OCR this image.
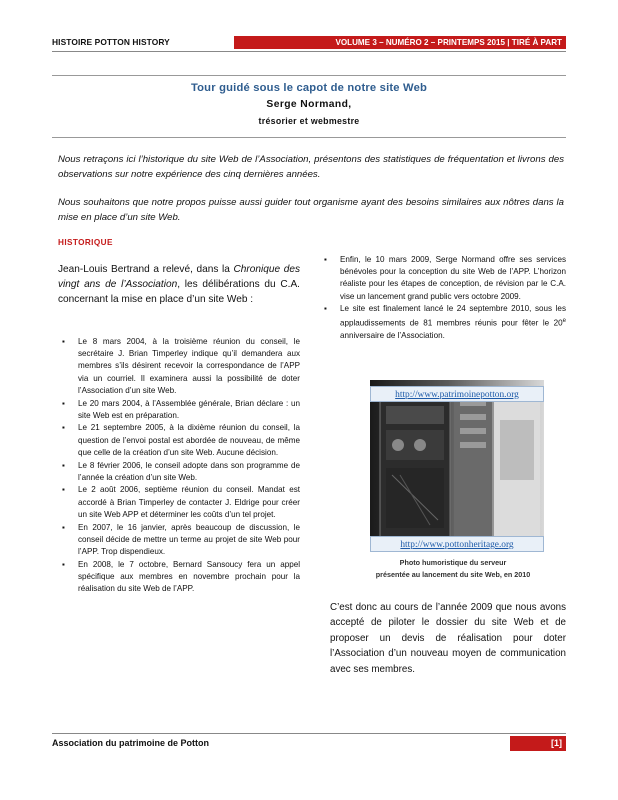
HISTOIRE POTTON HISTORY	VOLUME 3 – NUMÉRO 2 – PRINTEMPS 2015 | TIRÉ À PART
Tour guidé sous le capot de notre site Web
Serge Normand,
trésorier et webmestre
Nous retraçons ici l’historique du site Web de l’Association, présentons des statistiques de fréquentation et livrons des observations sur notre expérience des cinq dernières années.
Nous souhaitons que notre propos puisse aussi guider tout organisme ayant des besoins similaires aux nôtres dans la mise en place d’un site Web.
HISTORIQUE
Jean-Louis Bertrand a relevé, dans la Chronique des vingt ans de l’Association, les délibérations du C.A. concernant la mise en place d’un site Web :
▪ Le 8 mars 2004, à la troisième réunion du conseil, le secrétaire J. Brian Timperley indique qu’il demandera aux membres s’ils désirent recevoir la correspondance de l’APP via un courriel. Il examinera aussi la possibilité de doter l’Association d’un site Web.
▪ Le 20 mars 2004, à l’Assemblée générale, Brian déclare : un site Web est en préparation.
▪ Le 21 septembre 2005, à la dixième réunion du conseil, la question de l’envoi postal est abordée de nouveau, de même que celle de la création d’un site Web. Aucune décision.
▪ Le 8 février 2006, le conseil adopte dans son programme de l’année la création d’un site Web.
▪ Le 2 août 2006, septième réunion du conseil. Mandat est accordé à Brian Timperley de contacter J. Eldrige pour créer un site Web APP et déterminer les coûts d’un tel projet.
▪ En 2007, le 16 janvier, après beaucoup de discussion, le conseil décide de mettre un terme au projet de site Web pour l’APP. Trop dispendieux.
▪ En 2008, le 7 octobre, Bernard Sansoucy fera un appel spécifique aux membres en novembre prochain pour la réalisation du site Web de l’APP.
▪ Enfin, le 10 mars 2009, Serge Normand offre ses services bénévoles pour la conception du site Web de l’APP. L’horizon réaliste pour les étapes de conception, de révision par le C.A. vise un lancement grand public vers octobre 2009.
▪ Le site est finalement lancé le 24 septembre 2010, sous les applaudissements de 81 membres réunis pour fêter le 20e anniversaire de l’Association.
http://www.patrimoinepotton.org
http://www.pottonheritage.org
Photo humoristique du serveur
présentée au lancement du site Web, en 2010
C’est donc au cours de l’année 2009 que nous avons accepté de piloter le dossier du site Web et de proposer un devis de réalisation pour doter l’Association d’un nouveau moyen de communication avec ses membres.
Association du patrimoine de Potton	[1]
